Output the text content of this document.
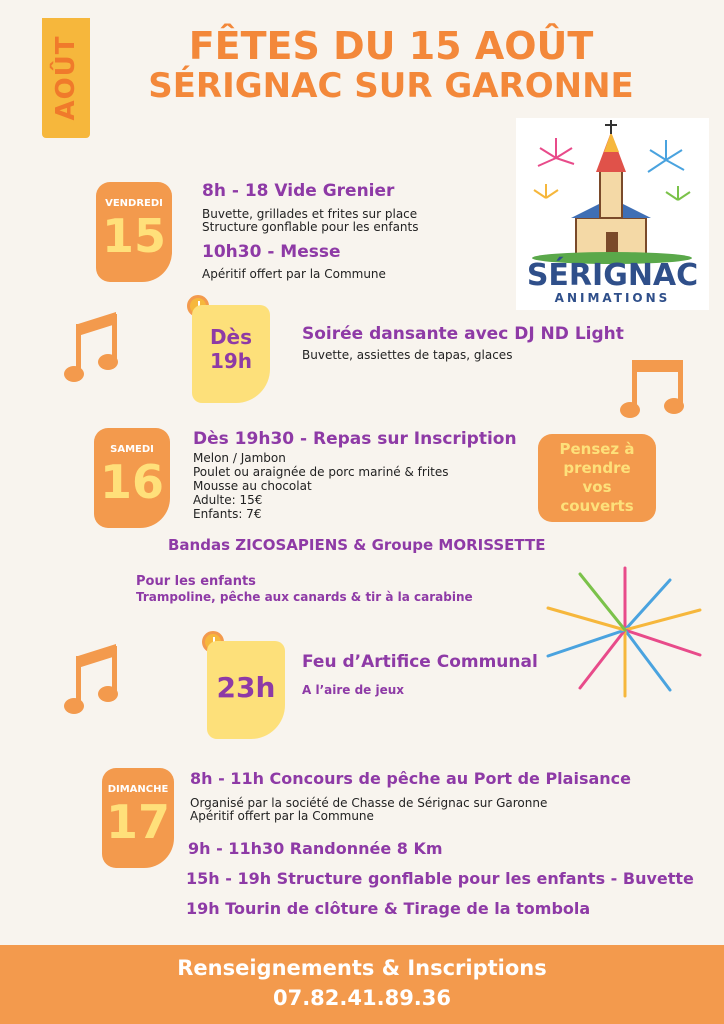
AOÛT	FÊTES DU 15 AOÛT
SÉRIGNAC SUR GARONNE
SÉRIGNAC
ANIMATIONS
VENDREDI
15
8h - 18 Vide Grenier
Buvette, grillades et frites sur place
Structure gonflable pour les enfants
10h30 - Messe
Apéritif offert par la Commune
Dès
19h
Soirée dansante avec DJ ND Light
Buvette, assiettes de tapas, glaces
SAMEDI
16
Dès 19h30 - Repas sur Inscription
Melon / Jambon
Poulet ou araignée de porc mariné & frites
Mousse au chocolat
Adulte: 15€
Enfants: 7€
Pensez à
prendre
vos
couverts
Bandas ZICOSAPIENS & Groupe MORISSETTE
Pour les enfants
Trampoline, pêche aux canards & tir à la carabine
23h
Feu d’Artifice Communal
A l’aire de jeux
DIMANCHE
17
8h - 11h Concours de pêche au Port de Plaisance
Organisé par la société de Chasse de Sérignac sur Garonne
Apéritif offert par la Commune
9h - 11h30 Randonnée 8 Km
15h - 19h Structure gonflable pour les enfants - Buvette
19h Tourin de clôture & Tirage de la tombola
Renseignements & Inscriptions
07.82.41.89.36
